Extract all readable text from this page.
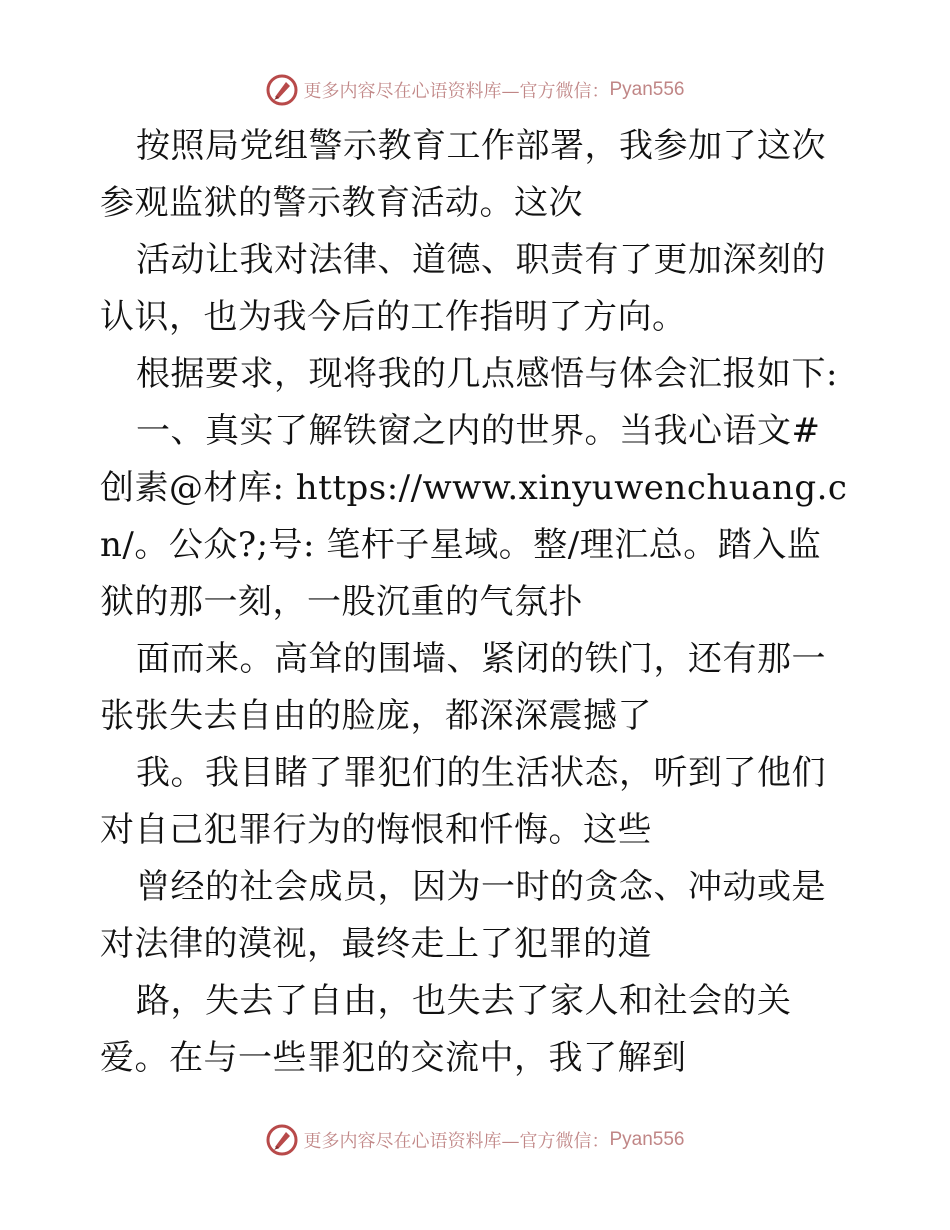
更多内容尽在心语资料库—官方微信： Pyan556

按照局党组警示教育工作部署，我参加了这次参观监狱的警示教育活动。这次

活动让我对法律、道德、职责有了更加深刻的认识，也为我今后的工作指明了方向。

根据要求，现将我的几点感悟与体会汇报如下:

一、真实了解铁窗之内的世界。当我心语文#创素@材库: https://www.xinyuwenchuang.cn/。公众?;号: 笔杆子星域。整/理汇总。踏入监狱的那一刻，一股沉重的气氛扑

面而来。高耸的围墙、紧闭的铁门，还有那一张张失去自由的脸庞，都深深震撼了

我。我目睹了罪犯们的生活状态，听到了他们对自己犯罪行为的悔恨和忏悔。这些

曾经的社会成员，因为一时的贪念、冲动或是对法律的漠视，最终走上了犯罪的道

路，失去了自由，也失去了家人和社会的关爱。在与一些罪犯的交流中，我了解到

更多内容尽在心语资料库—官方微信： Pyan556
